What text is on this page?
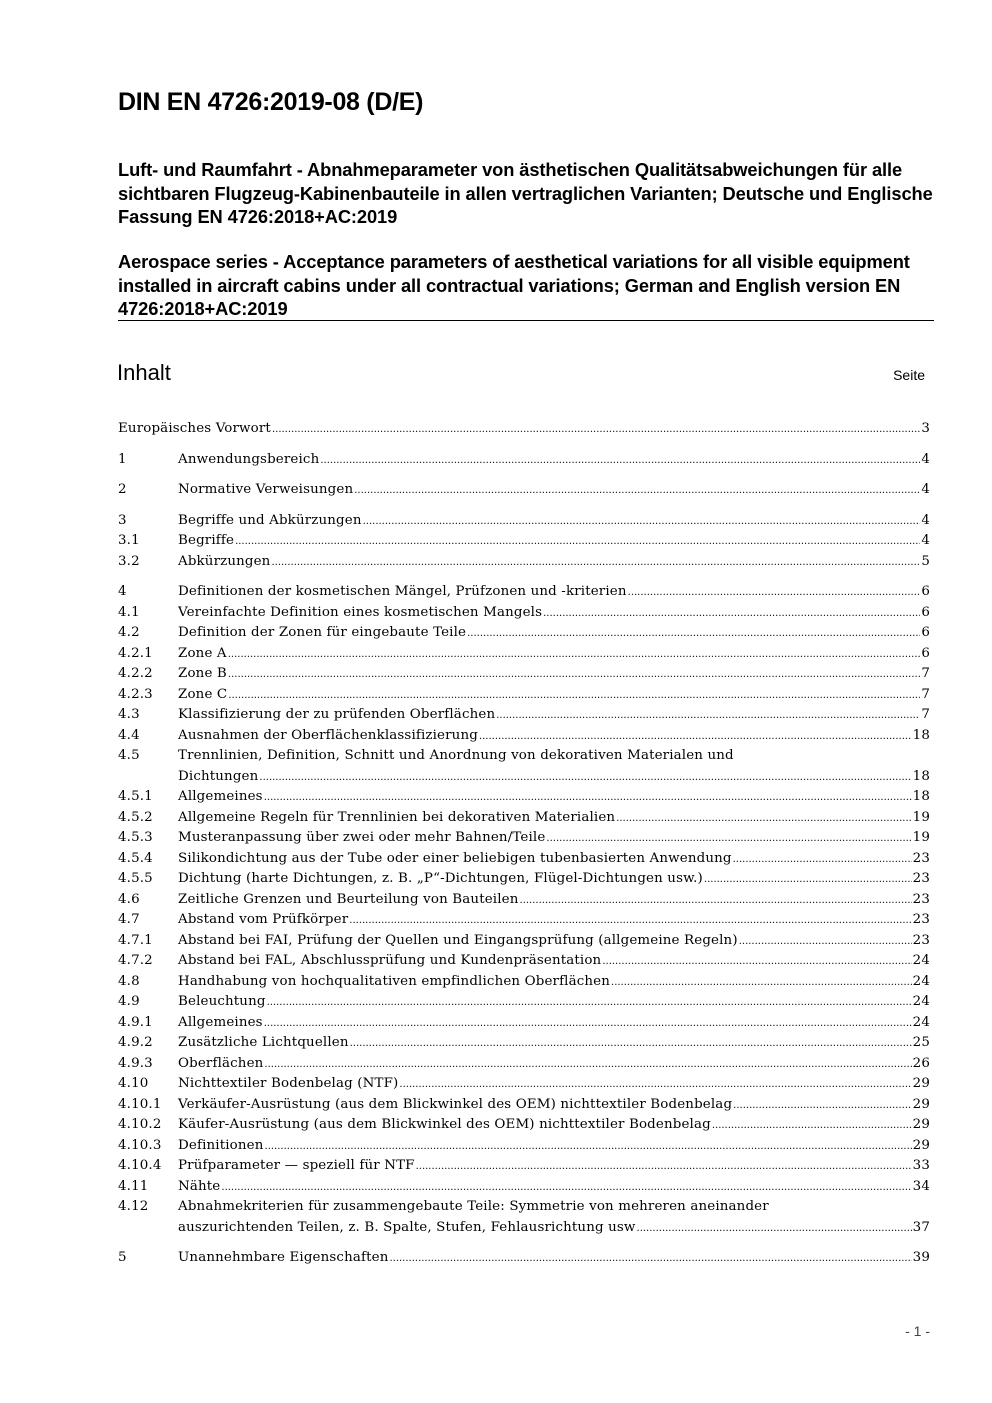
DIN EN 4726:2019-08 (D/E)

Luft- und Raumfahrt - Abnahmeparameter von ästhetischen Qualitätsabweichungen für alle sichtbaren Flugzeug-Kabinenbauteile in allen vertraglichen Varianten; Deutsche und Englische Fassung EN 4726:2018+AC:2019

Aerospace series - Acceptance parameters of aesthetical variations for all visible equipment installed in aircraft cabins under all contractual variations; German and English version EN 4726:2018+AC:2019

Inhalt	Seite
Europäisches Vorwort .....	3
1	Anwendungsbereich .....	4
2	Normative Verweisungen .....	4
3	Begriffe und Abkürzungen .....	4
3.1	Begriffe .....	4
3.2	Abkürzungen .....	5
4	Definitionen der kosmetischen Mängel, Prüfzonen und -kriterien .....	6
4.1	Vereinfachte Definition eines kosmetischen Mangels .....	6
4.2	Definition der Zonen für eingebaute Teile .....	6
4.2.1 Zone A .....	6
4.2.2 Zone B .....	7
4.2.3 Zone C .....	7
4.3	Klassifizierung der zu prüfenden Oberflächen .....	7
4.4	Ausnahmen der Oberflächenklassifizierung .....	18
4.5	Trennlinien, Definition, Schnitt und Anordnung von dekorativen Materialen und
Dichtungen .....	18
4.5.1 Allgemeines .....	18
4.5.2 Allgemeine Regeln für Trennlinien bei dekorativen Materialien .....	19
4.5.3 Musteranpassung über zwei oder mehr Bahnen/Teile .....	19
4.5.4 Silikondichtung aus der Tube oder einer beliebigen tubenbasierten Anwendung .....	23
4.5.5 Dichtung (harte Dichtungen, z. B. „P“-Dichtungen, Flügel-Dichtungen usw.) .....	23
4.6	Zeitliche Grenzen und Beurteilung von Bauteilen .....	23
4.7	Abstand vom Prüfkörper .....	23
4.7.1 Abstand bei FAI, Prüfung der Quellen und Eingangsprüfung (allgemeine Regeln) .....	23
4.7.2 Abstand bei FAL, Abschlussprüfung und Kundenpräsentation .....	24
4.8	Handhabung von hochqualitativen empfindlichen Oberflächen .....	24
4.9	Beleuchtung .....	24
4.9.1 Allgemeines .....	24
4.9.2 Zusätzliche Lichtquellen .....	25
4.9.3 Oberflächen .....	26
4.10 Nichttextiler Bodenbelag (NTF) .....	29
4.10.1 Verkäufer-Ausrüstung (aus dem Blickwinkel des OEM) nichttextiler Bodenbelag .....	29
4.10.2 Käufer-Ausrüstung (aus dem Blickwinkel des OEM) nichttextiler Bodenbelag .....	29
4.10.3 Definitionen .....	29
4.10.4 Prüfparameter — speziell für NTF .....	33
4.11 Nähte .....	34
4.12 Abnahmekriterien für zusammengebaute Teile: Symmetrie von mehreren aneinander
auszurichtenden Teilen, z. B. Spalte, Stufen, Fehlausrichtung usw .....	37
5	Unannehmbare Eigenschaften .....	39
- 1 -
